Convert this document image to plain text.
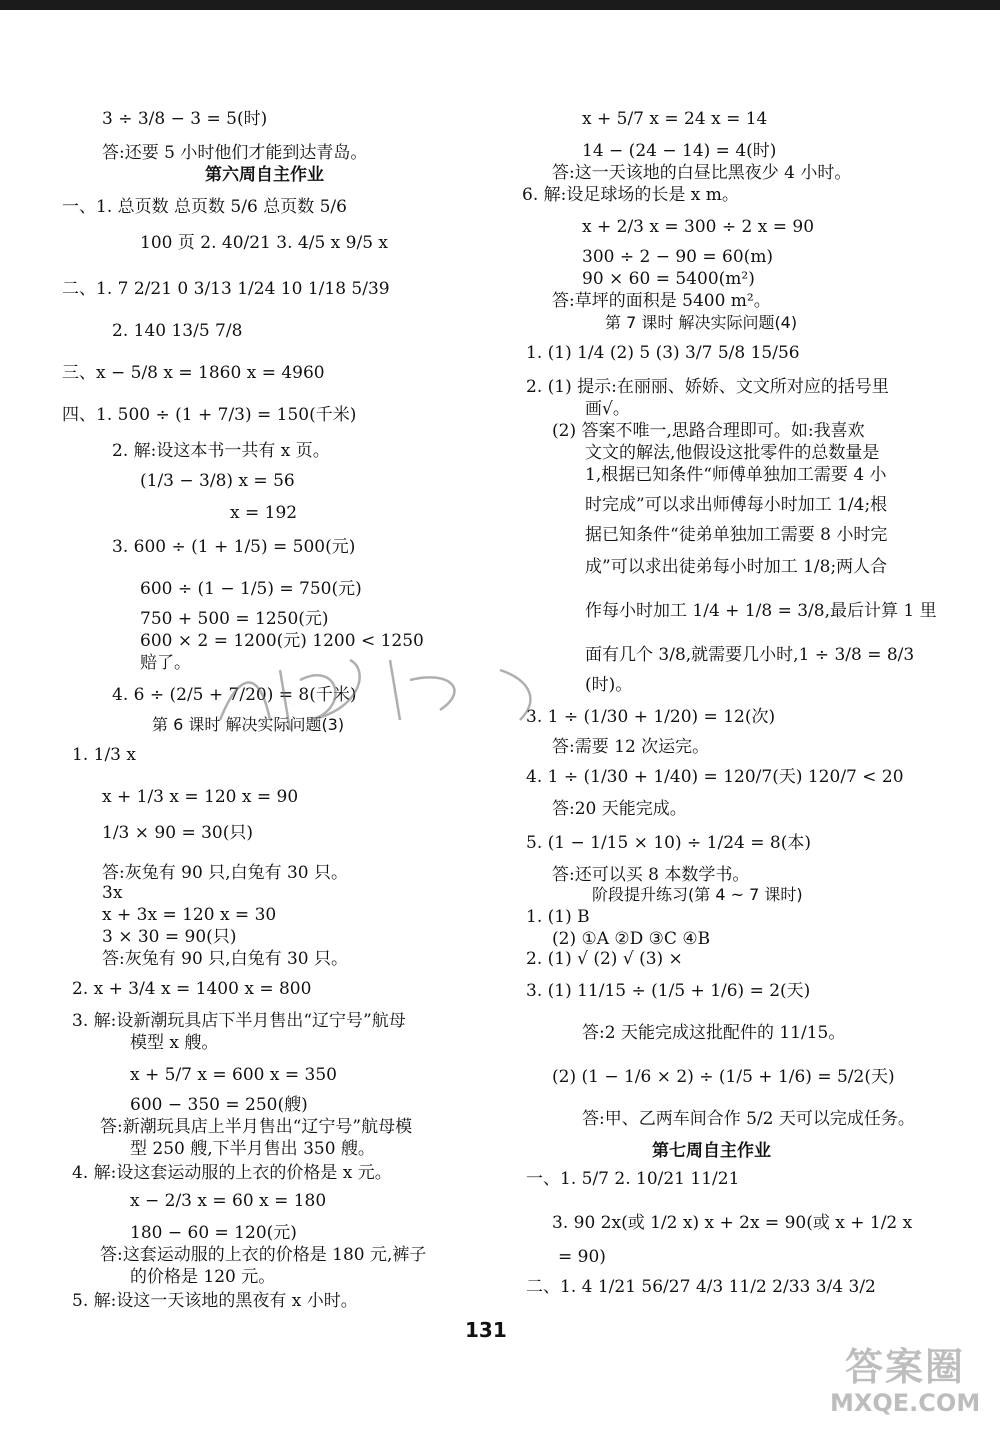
3 ÷ 3/8 − 3 = 5(时)
答:还要 5 小时他们才能到达青岛。
第六周自主作业
一、1. 总页数 总页数 5/6 总页数 5/6
100 页 2. 40/21 3. 4/5 x 9/5 x
二、1. 7 2/21 0 3/13 1/24 10 1/18 5/39
2. 140 13/5 7/8
三、x − 5/8 x = 1860 x = 4960
四、1. 500 ÷ (1 + 7/3) = 150(千米)
2. 解:设这本书一共有 x 页。
(1/3 − 3/8) x = 56
x = 192
3. 600 ÷ (1 + 1/5) = 500(元)
600 ÷ (1 − 1/5) = 750(元)
750 + 500 = 1250(元)
600 × 2 = 1200(元) 1200 < 1250
赔了。
4. 6 ÷ (2/5 + 7/20) = 8(千米)
第 6 课时 解决实际问题(3)
1. 1/3 x
x + 1/3 x = 120 x = 90
1/3 × 90 = 30(只)
答:灰兔有 90 只,白兔有 30 只。
3x
x + 3x = 120 x = 30
3 × 30 = 90(只)
答:灰兔有 90 只,白兔有 30 只。
2. x + 3/4 x = 1400 x = 800
3. 解:设新潮玩具店下半月售出“辽宁号”航母
模型 x 艘。
x + 5/7 x = 600 x = 350
600 − 350 = 250(艘)
答:新潮玩具店上半月售出“辽宁号”航母模
型 250 艘,下半月售出 350 艘。
4. 解:设这套运动服的上衣的价格是 x 元。
x − 2/3 x = 60 x = 180
180 − 60 = 120(元)
答:这套运动服的上衣的价格是 180 元,裤子
的价格是 120 元。
5. 解:设这一天该地的黑夜有 x 小时。
x + 5/7 x = 24 x = 14
14 − (24 − 14) = 4(时)
答:这一天该地的白昼比黑夜少 4 小时。
6. 解:设足球场的长是 x m。
x + 2/3 x = 300 ÷ 2 x = 90
300 ÷ 2 − 90 = 60(m)
90 × 60 = 5400(m²)
答:草坪的面积是 5400 m²。
第 7 课时 解决实际问题(4)
1. (1) 1/4 (2) 5 (3) 3/7 5/8 15/56
2. (1) 提示:在丽丽、娇娇、文文所对应的括号里
画√。
(2) 答案不唯一,思路合理即可。如:我喜欢
文文的解法,他假设这批零件的总数量是
1,根据已知条件“师傅单独加工需要 4 小
时完成”可以求出师傅每小时加工 1/4;根
据已知条件“徒弟单独加工需要 8 小时完
成”可以求出徒弟每小时加工 1/8;两人合
作每小时加工 1/4 + 1/8 = 3/8,最后计算 1 里
面有几个 3/8,就需要几小时,1 ÷ 3/8 = 8/3
(时)。
3. 1 ÷ (1/30 + 1/20) = 12(次)
答:需要 12 次运完。
4. 1 ÷ (1/30 + 1/40) = 120/7(天) 120/7 < 20
答:20 天能完成。
5. (1 − 1/15 × 10) ÷ 1/24 = 8(本)
答:还可以买 8 本数学书。
阶段提升练习(第 4 ~ 7 课时)
1. (1) B
(2) ①A ②D ③C ④B
2. (1) √ (2) √ (3) ×
3. (1) 11/15 ÷ (1/5 + 1/6) = 2(天)
答:2 天能完成这批配件的 11/15。
(2) (1 − 1/6 × 2) ÷ (1/5 + 1/6) = 5/2(天)
答:甲、乙两车间合作 5/2 天可以完成任务。
第七周自主作业
一、1. 5/7 2. 10/21 11/21
3. 90 2x(或 1/2 x) x + 2x = 90(或 x + 1/2 x
= 90)
二、1. 4 1/21 56/27 4/3 11/2 2/33 3/4 3/2
131
答案圈
MXQE.COM
